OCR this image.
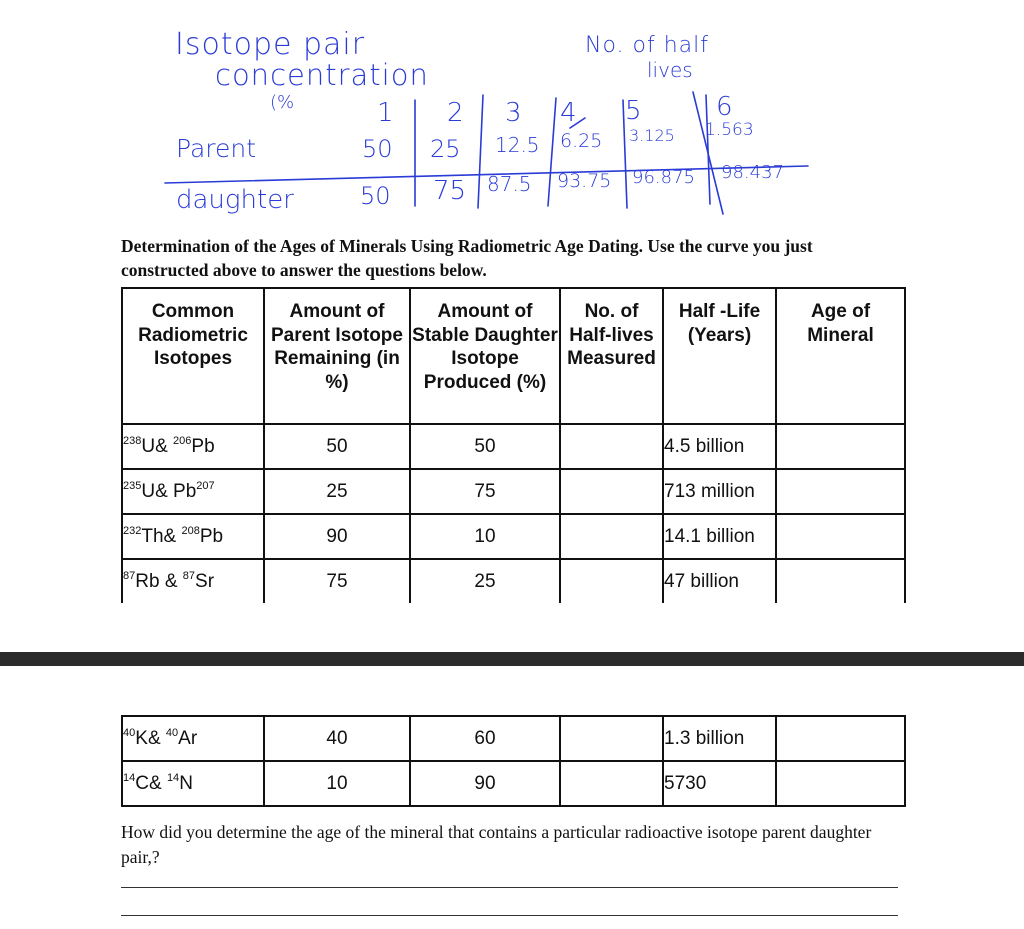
Isotope pair
concentration
(%
No. of half
lives
Parent
daughter
1 2 3 4 5	6
50 25 12.5 6.25 3.125 1.563
50 75 87.5 93.75 96.875 98.437
Determination of the Ages of Minerals Using Radiometric Age Dating. Use the curve you just constructed above to answer the questions below.
Common Radiometric Isotopes	Amount of Parent Isotope Remaining (in %)	Amount of Stable Daughter Isotope Produced (%)	No. of Half-lives Measured	Half -Life (Years)	Age of Mineral
$^{238}$U& $^{206}$Pb	50	50		4.5 billion	
$^{235}$U& Pb$^{207}$	25	75		713 million	
$^{232}$Th& $^{208}$Pb	90	10		14.1 billion	
$^{87}$Rb & $^{87}$Sr	75	25		47 billion	
$^{40}$K& $^{40}$Ar	40	60		1.3 billion	
$^{14}$C& $^{14}$N	10	90		5730	
How did you determine the age of the mineral that contains a particular radioactive isotope parent daughter pair,?
